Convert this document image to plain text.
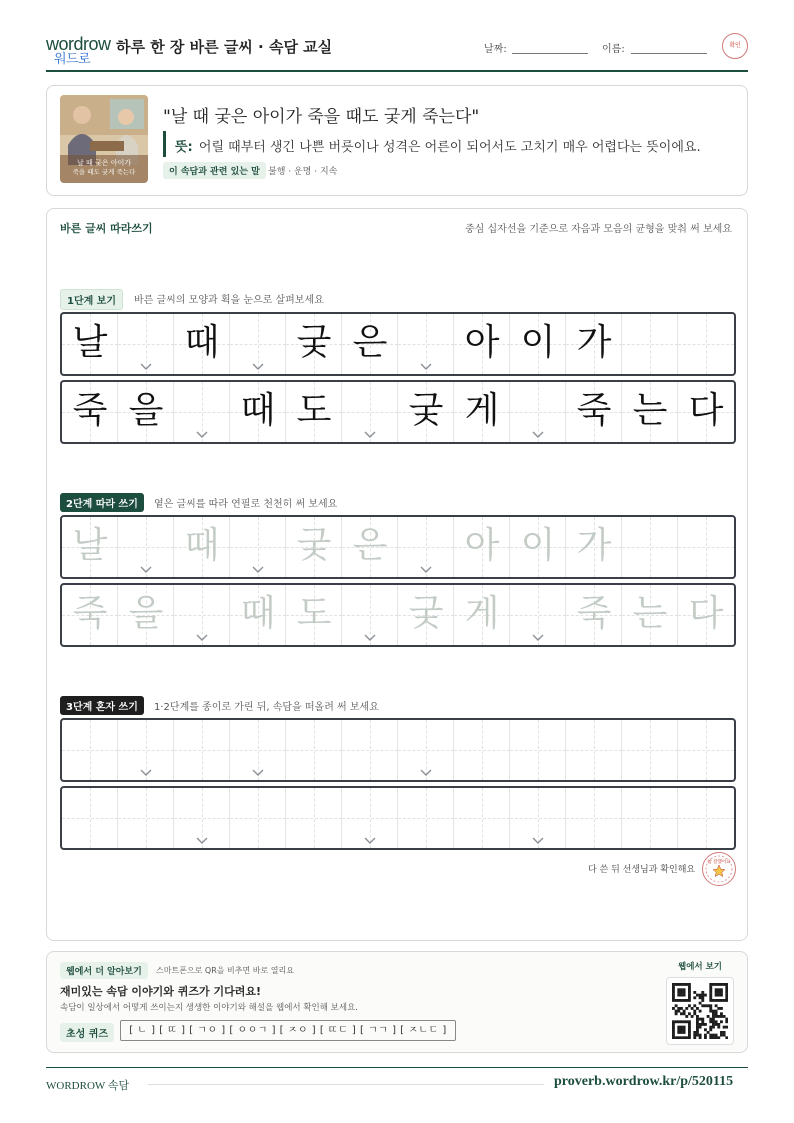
wordrow
워드로
하루 한 장 바른 글씨 · 속담 교실	날짜:	이름:	확인
날 때 궂은 아이가
죽을 때도 궂게 죽는다
"날 때 궂은 아이가 죽을 때도 궂게 죽는다"
뜻: 어릴 때부터 생긴 나쁜 버릇이나 성격은 어른이 되어서도 고치기 매우 어렵다는 뜻이에요.
이 속담과 관련 있는 말 불행 · 운명 · 지속
바른 글씨 따라쓰기	중심 십자선을 기준으로 자음과 모음의 균형을 맞춰 써 보세요
1단계 보기	바른 글씨의 모양과 획을 눈으로 살펴보세요
날 때 궂 은 아 이 가
죽 을 때 도 궂 게 죽 는 다
2단계 따라 쓰기	옅은 글씨를 따라 연필로 천천히 써 보세요
날 때 궂 은 아 이 가
죽 을 때 도 궂 게 죽 는 다
3단계 혼자 쓰기	1·2단계를 종이로 가린 뒤, 속담을 떠올려 써 보세요
다 쓴 뒤 선생님과 확인해요
참 잘했어요
웹에서 더 알아보기	스마트폰으로 QR을 비추면 바로 열리요
재미있는 속담 이야기와 퀴즈가 기다려요!
속담이 일상에서 어떻게 쓰이는지 생생한 이야기와 해설을 웹에서 확인해 보세요.
초성 퀴즈	[ ㄴ ] [ ㄸ ] [ ㄱㅇ ] [ ㅇㅇㄱ ] [ ㅈㅇ ] [ ㄸㄷ ] [ ㄱㄱ ] [ ㅈㄴㄷ ]
웹에서 보기
WORDROW 속담	proverb.wordrow.kr/p/520115
